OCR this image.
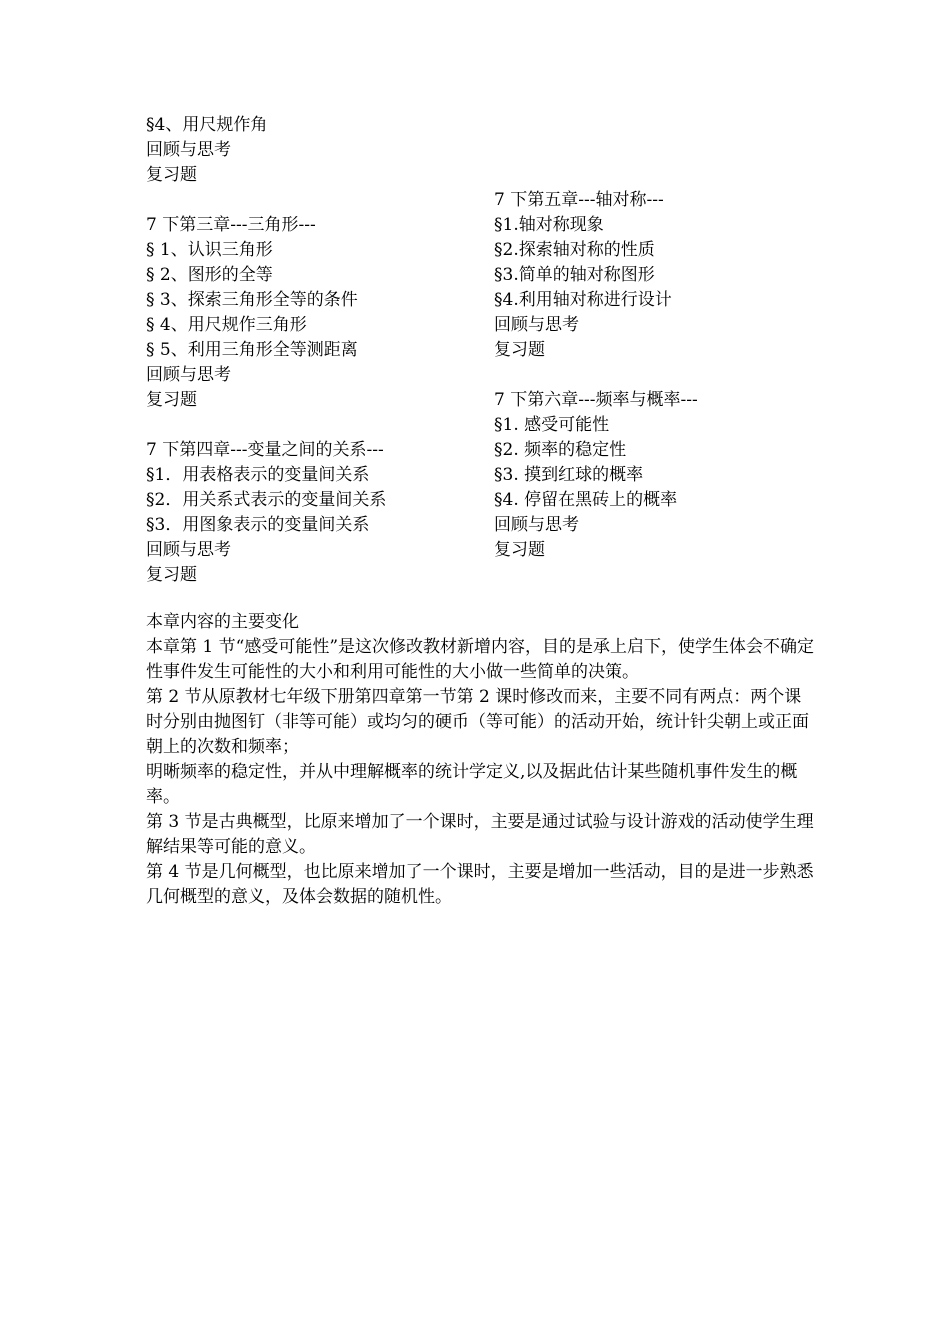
§4、用尺规作角
回顾与思考
复习题
7 下第三章---三角形---
§ 1、认识三角形
§ 2、图形的全等
§ 3、探索三角形全等的条件
§ 4、用尺规作三角形
§ 5、利用三角形全等测距离
回顾与思考
复习题
7 下第四章---变量之间的关系---
§1．用表格表示的变量间关系
§2．用关系式表示的变量间关系
§3．用图象表示的变量间关系
回顾与思考
复习题
7 下第五章---轴对称---
§1.轴对称现象
§2.探索轴对称的性质
§3.简单的轴对称图形
§4.利用轴对称进行设计
回顾与思考
复习题
7 下第六章---频率与概率---
§1. 感受可能性
§2. 频率的稳定性
§3. 摸到红球的概率
§4. 停留在黑砖上的概率
回顾与思考
复习题
本章内容的主要变化
本章第 1 节“感受可能性”是这次修改教材新增内容，目的是承上启下，使学生体会不确定性事件发生可能性的大小和利用可能性的大小做一些简单的决策。
第 2 节从原教材七年级下册第四章第一节第 2 课时修改而来，主要不同有两点：两个课时分别由抛图钉（非等可能）或均匀的硬币（等可能）的活动开始，统计针尖朝上或正面朝上的次数和频率；
明晰频率的稳定性，并从中理解概率的统计学定义,以及据此估计某些随机事件发生的概率。
第 3 节是古典概型，比原来增加了一个课时，主要是通过试验与设计游戏的活动使学生理解结果等可能的意义。
第 4 节是几何概型，也比原来增加了一个课时，主要是增加一些活动，目的是进一步熟悉几何概型的意义，及体会数据的随机性。
